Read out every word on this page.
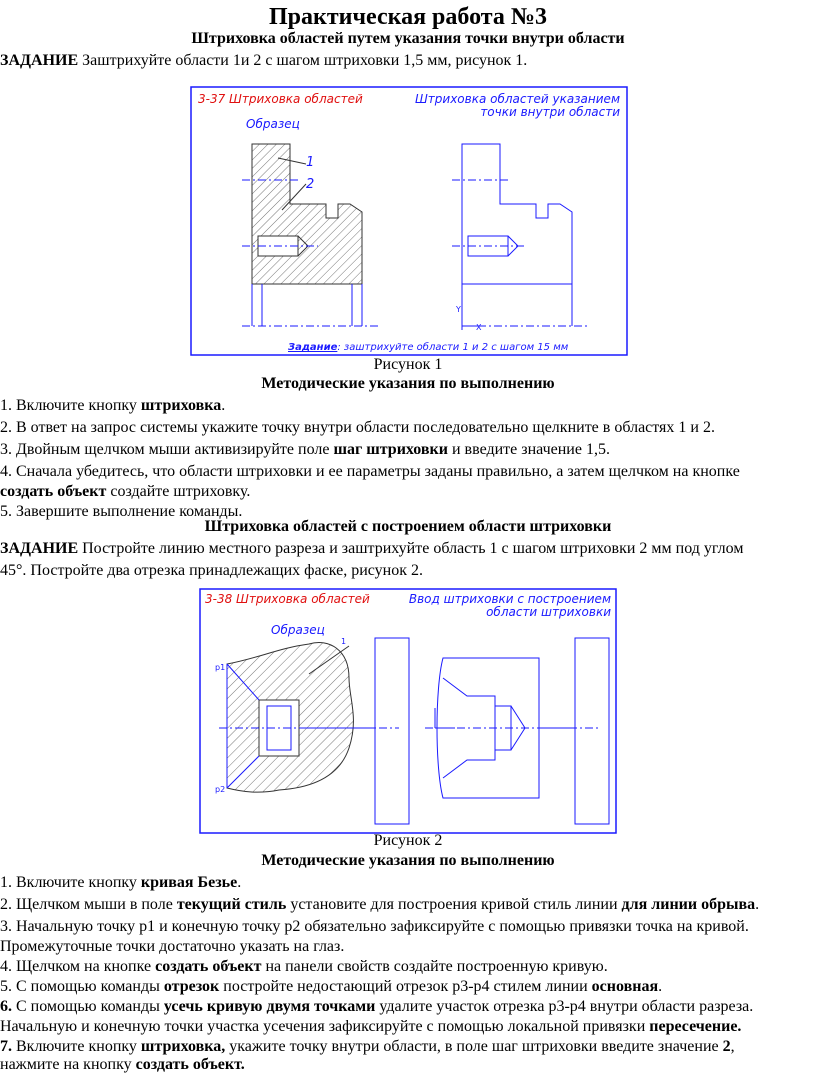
Практическая работа №3
Штриховка областей путем указания точки внутри области
ЗАДАНИЕ Заштрихуйте области 1и 2 с шагом штриховки 1,5 мм, рисунок 1.
3-37 Штриховка областей	Штриховка областей указанием
точки внутри области
Образец
1
2
Y
X
Задание: заштрихуйте области 1 и 2 с шагом 15 мм
Рисунок 1
Методические указания по выполнению
1. Включите кнопку штриховка.
2. В ответ на запрос системы укажите точку внутри области последовательно щелкните в областях 1 и 2.
3. Двойным щелчком мыши активизируйте поле шаг штриховки и введите значение 1,5.
4. Сначала убедитесь, что области штриховки и ее параметры заданы правильно, а затем щелчком на кнопке
создать объект создайте штриховку.
5. Завершите выполнение команды.
Штриховка областей с построением области штриховки
ЗАДАНИЕ Постройте линию местного разреза и заштрихуйте область 1 с шагом штриховки 2 мм под углом
45°. Постройте два отрезка принадлежащих фаске, рисунок 2.
3-38 Штриховка областей	Ввод штриховки с построением
области штриховки
Образец
1
p1
p2
Рисунок 2
Методические указания по выполнению
1. Включите кнопку кривая Безье.
2. Щелчком мыши в поле текущий стиль установите для построения кривой стиль линии для линии обрыва.
3. Начальную точку р1 и конечную точку р2 обязательно зафиксируйте с помощью привязки точка на кривой.
Промежуточные точки достаточно указать на глаз.
4. Щелчком на кнопке создать объект на панели свойств создайте построенную кривую.
5. С помощью команды отрезок постройте недостающий отрезок р3-р4 стилем линии основная.
6. С помощью команды усечь кривую двумя точками удалите участок отрезка р3-р4 внутри области разреза.
Начальную и конечную точки участка усечения зафиксируйте с помощью локальной привязки пересечение.
7. Включите кнопку штриховка, укажите точку внутри области, в поле шаг штриховки введите значение 2,
нажмите на кнопку создать объект.
